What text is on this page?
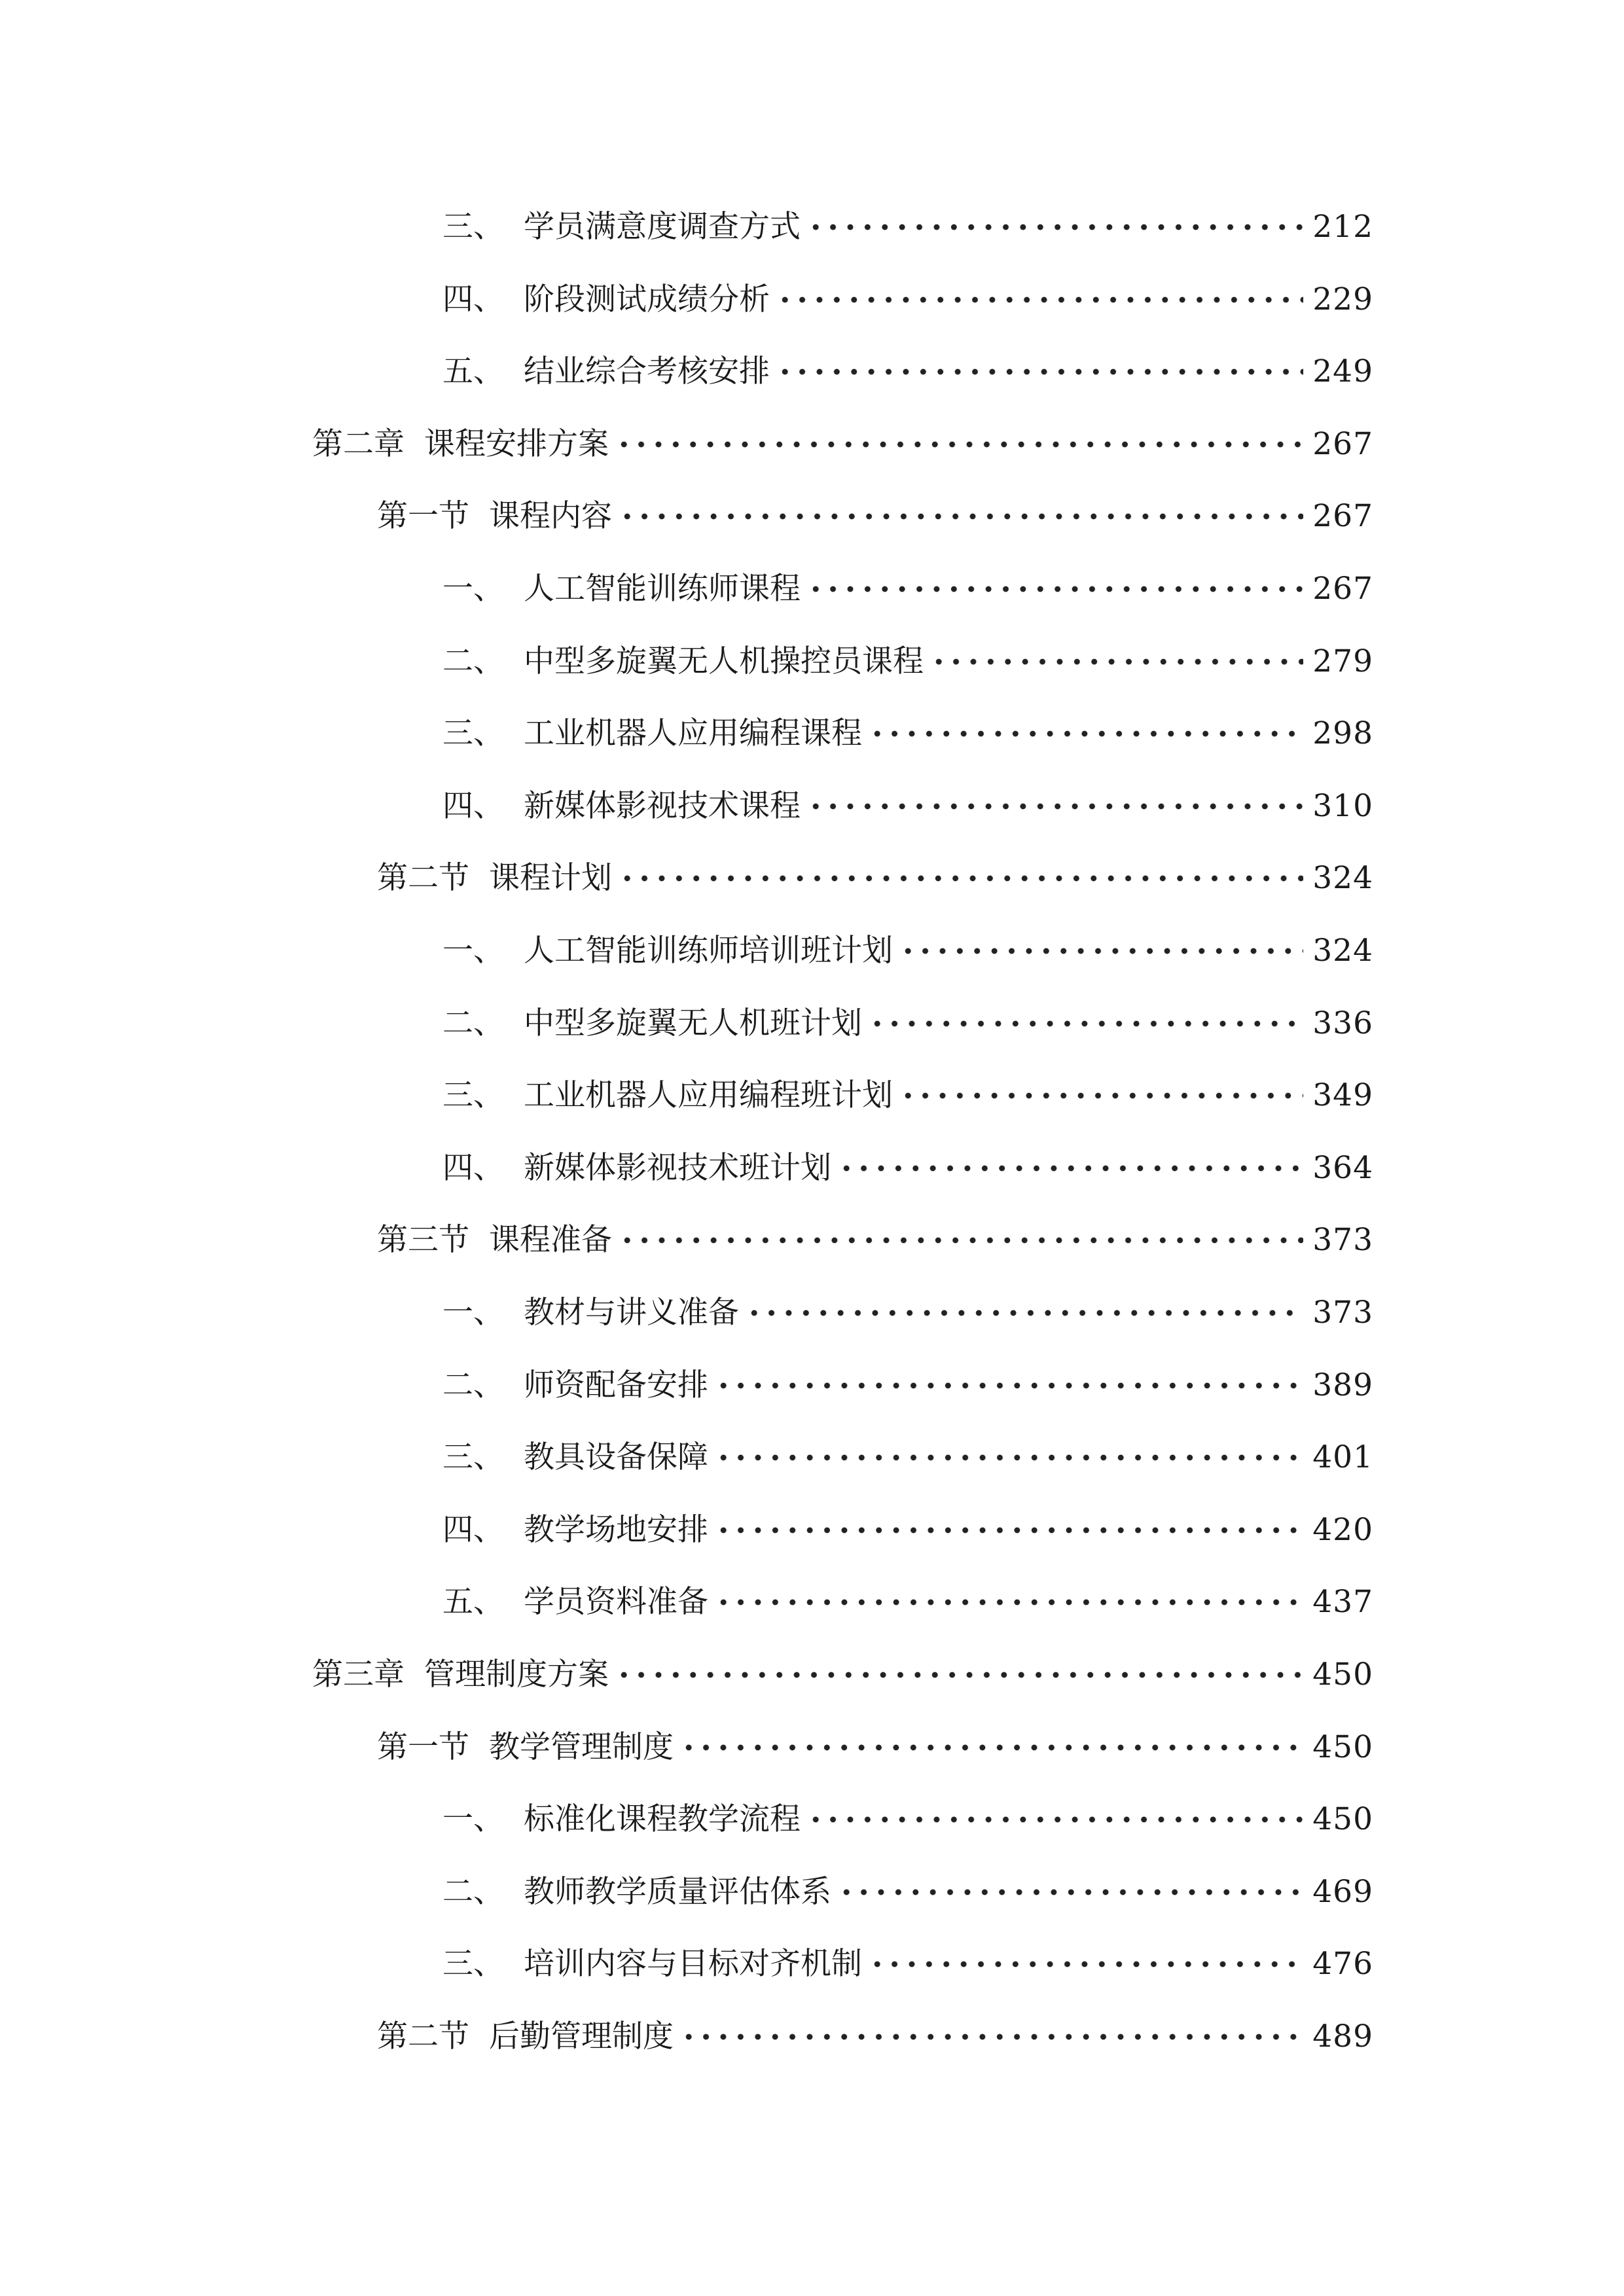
三、 学员满意度调查方式	212
四、 阶段测试成绩分析	229
五、 结业综合考核安排	249
第二章 课程安排方案	267
第一节 课程内容	267
一、 人工智能训练师课程	267
二、 中型多旋翼无人机操控员课程	279
三、 工业机器人应用编程课程	298
四、 新媒体影视技术课程	310
第二节 课程计划	324
一、 人工智能训练师培训班计划	324
二、 中型多旋翼无人机班计划	336
三、 工业机器人应用编程班计划	349
四、 新媒体影视技术班计划	364
第三节 课程准备	373
一、 教材与讲义准备	373
二、 师资配备安排	389
三、 教具设备保障	401
四、 教学场地安排	420
五、 学员资料准备	437
第三章 管理制度方案	450
第一节 教学管理制度	450
一、 标准化课程教学流程	450
二、 教师教学质量评估体系	469
三、 培训内容与目标对齐机制	476
第二节 后勤管理制度	489
